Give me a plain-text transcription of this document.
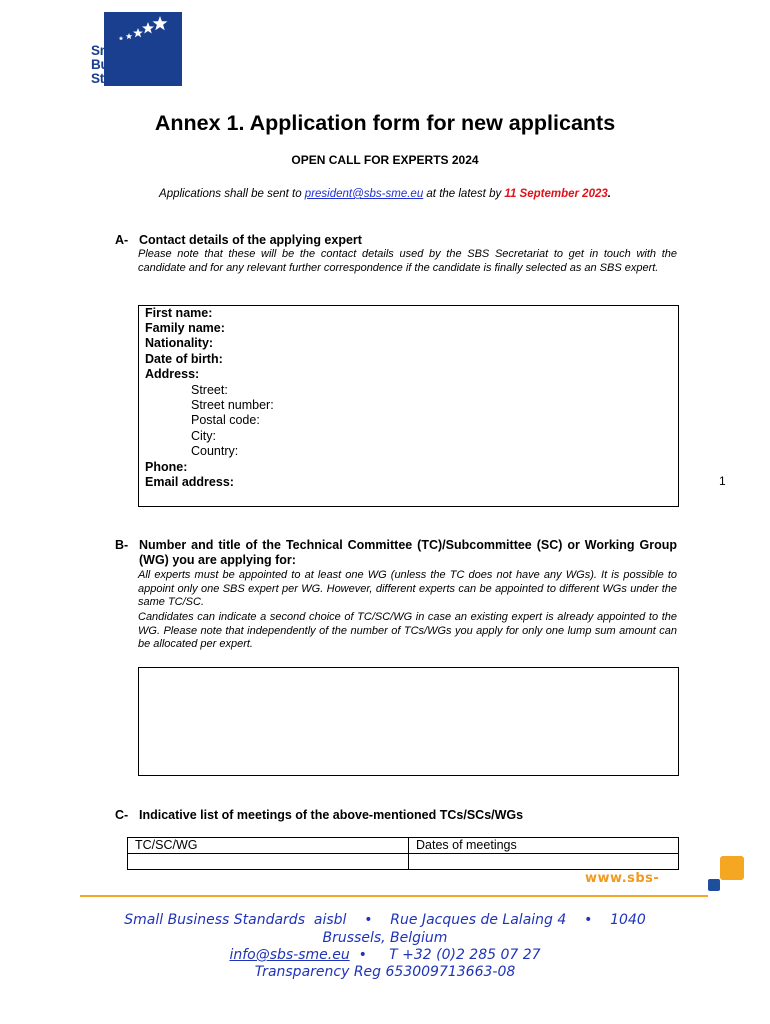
Small
Business
Standards
Annex 1. Application form for new applicants
OPEN CALL FOR EXPERTS 2024
Applications shall be sent to president@sbs-sme.eu at the latest by 11 September 2023.
A- Contact details of the applying expert
Please note that these will be the contact details used by the SBS Secretariat to get in touch with the candidate and for any relevant further correspondence if the candidate is finally selected as an SBS expert.
First name:
Family name:
Nationality:
Date of birth:
Address:
Street:
Street number:
Postal code:
City:
Country:
Phone:
Email address:	1
B- Number and title of the Technical Committee (TC)/Subcommittee (SC) or Working Group (WG) you are applying for:
All experts must be appointed to at least one WG (unless the TC does not have any WGs). It is possible to appoint only one SBS expert per WG. However, different experts can be appointed to different WGs under the same TC/SC.
Candidates can indicate a second choice of TC/SC/WG in case an existing expert is already appointed to the WG. Please note that independently of the number of TCs/WGs you apply for only one lump sum amount can be allocated per expert.
C- Indicative list of meetings of the above-mentioned TCs/SCs/WGs
TC/SC/WG	Dates of meetings

www.sbs-
Small Business Standards  aisbl    •    Rue Jacques de Lalaing 4    •    1040
Brussels, Belgium
info@sbs-sme.eu  •     T +32 (0)2 285 07 27
Transparency Reg 653009713663-08
